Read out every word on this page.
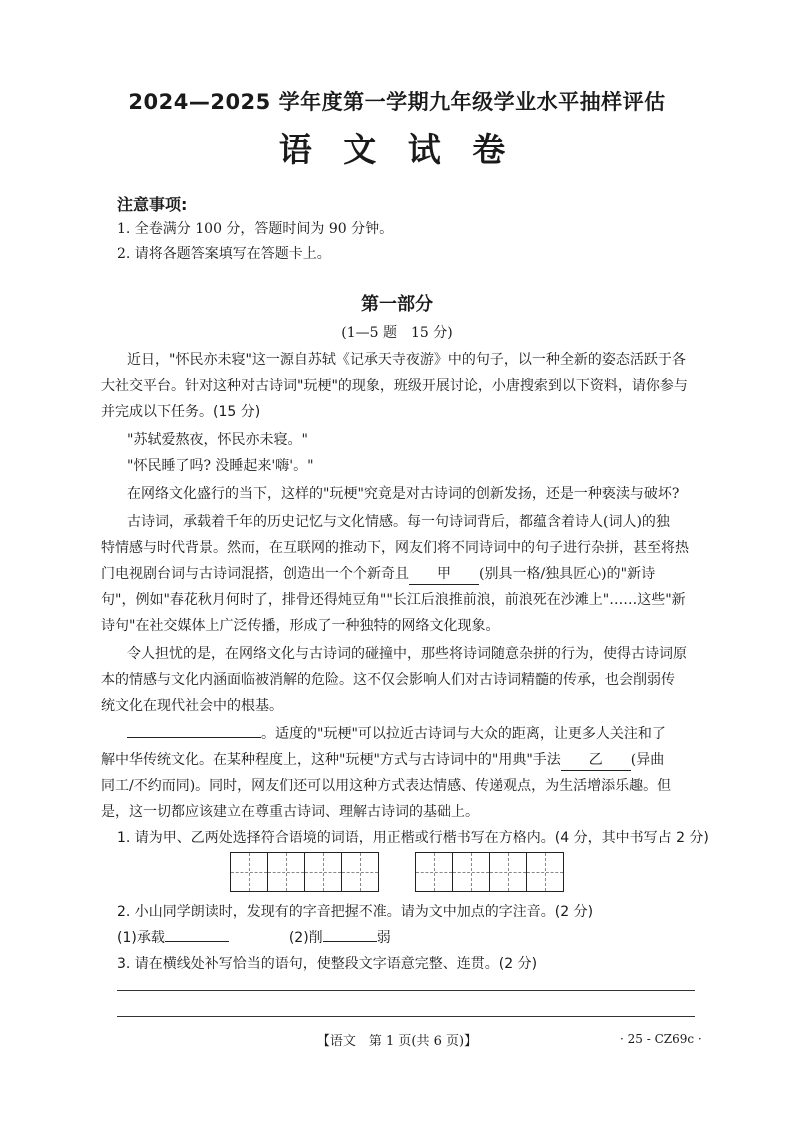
2024—2025 学年度第一学期九年级学业水平抽样评估
语 文 试 卷
注意事项:
1. 全卷满分 100 分，答题时间为 90 分钟。
2. 请将各题答案填写在答题卡上。
第一部分
(1—5 题　15 分)
近日，"怀民亦未寝"这一源自苏轼《记承天寺夜游》中的句子，以一种全新的姿态活跃于各
大社交平台。针对这种对古诗词"玩梗"的现象，班级开展讨论，小唐搜索到以下资料，请你参与
并完成以下任务。(15 分)
"苏轼爱熬夜，怀民亦未寝。"
"怀民睡了吗? 没睡起来'嗨'。"
在网络文化盛行的当下，这样的"玩梗"究竟是对古诗词的创新发扬，还是一种亵渎与破坏?
古诗词，承载着千年的历史记忆与文化情感。每一句诗词背后，都蕴含着诗人(词人)的独
特情感与时代背景。然而，在互联网的推动下，网友们将不同诗词中的句子进行杂拼，甚至将热
门电视剧台词与古诗词混搭，创造出一个个新奇且 甲 (别具一格/独具匠心)的"新诗
句"，例如"春花秋月何时了，排骨还得炖豆角""长江后浪推前浪，前浪死在沙滩上"……这些"新
诗句"在社交媒体上广泛传播，形成了一种独特的网络文化现象。
令人担忧的是，在网络文化与古诗词的碰撞中，那些将诗词随意杂拼的行为，使得古诗词原
本的情感与文化内涵面临被消解的危险。这不仅会影响人们对古诗词精髓的传承，也会削弱传
统文化在现代社会中的根基。
。适度的"玩梗"可以拉近古诗词与大众的距离，让更多人关注和了
解中华传统文化。在某种程度上，这种"玩梗"方式与古诗词中的"用典"手法 乙 (异曲
同工/不约而同)。同时，网友们还可以用这种方式表达情感、传递观点，为生活增添乐趣。但
是，这一切都应该建立在尊重古诗词、理解古诗词的基础上。
1. 请为甲、乙两处选择符合语境的词语，用正楷或行楷书写在方格内。(4 分，其中书写占 2 分)
2. 小山同学朗读时，发现有的字音把握不准。请为文中加点的字注音。(2 分)
(1)承载	(2)削	弱
3. 请在横线处补写恰当的语句，使整段文字语意完整、连贯。(2 分)
【语文　第 1 页(共 6 页)】	· 25 - CZ69c ·
